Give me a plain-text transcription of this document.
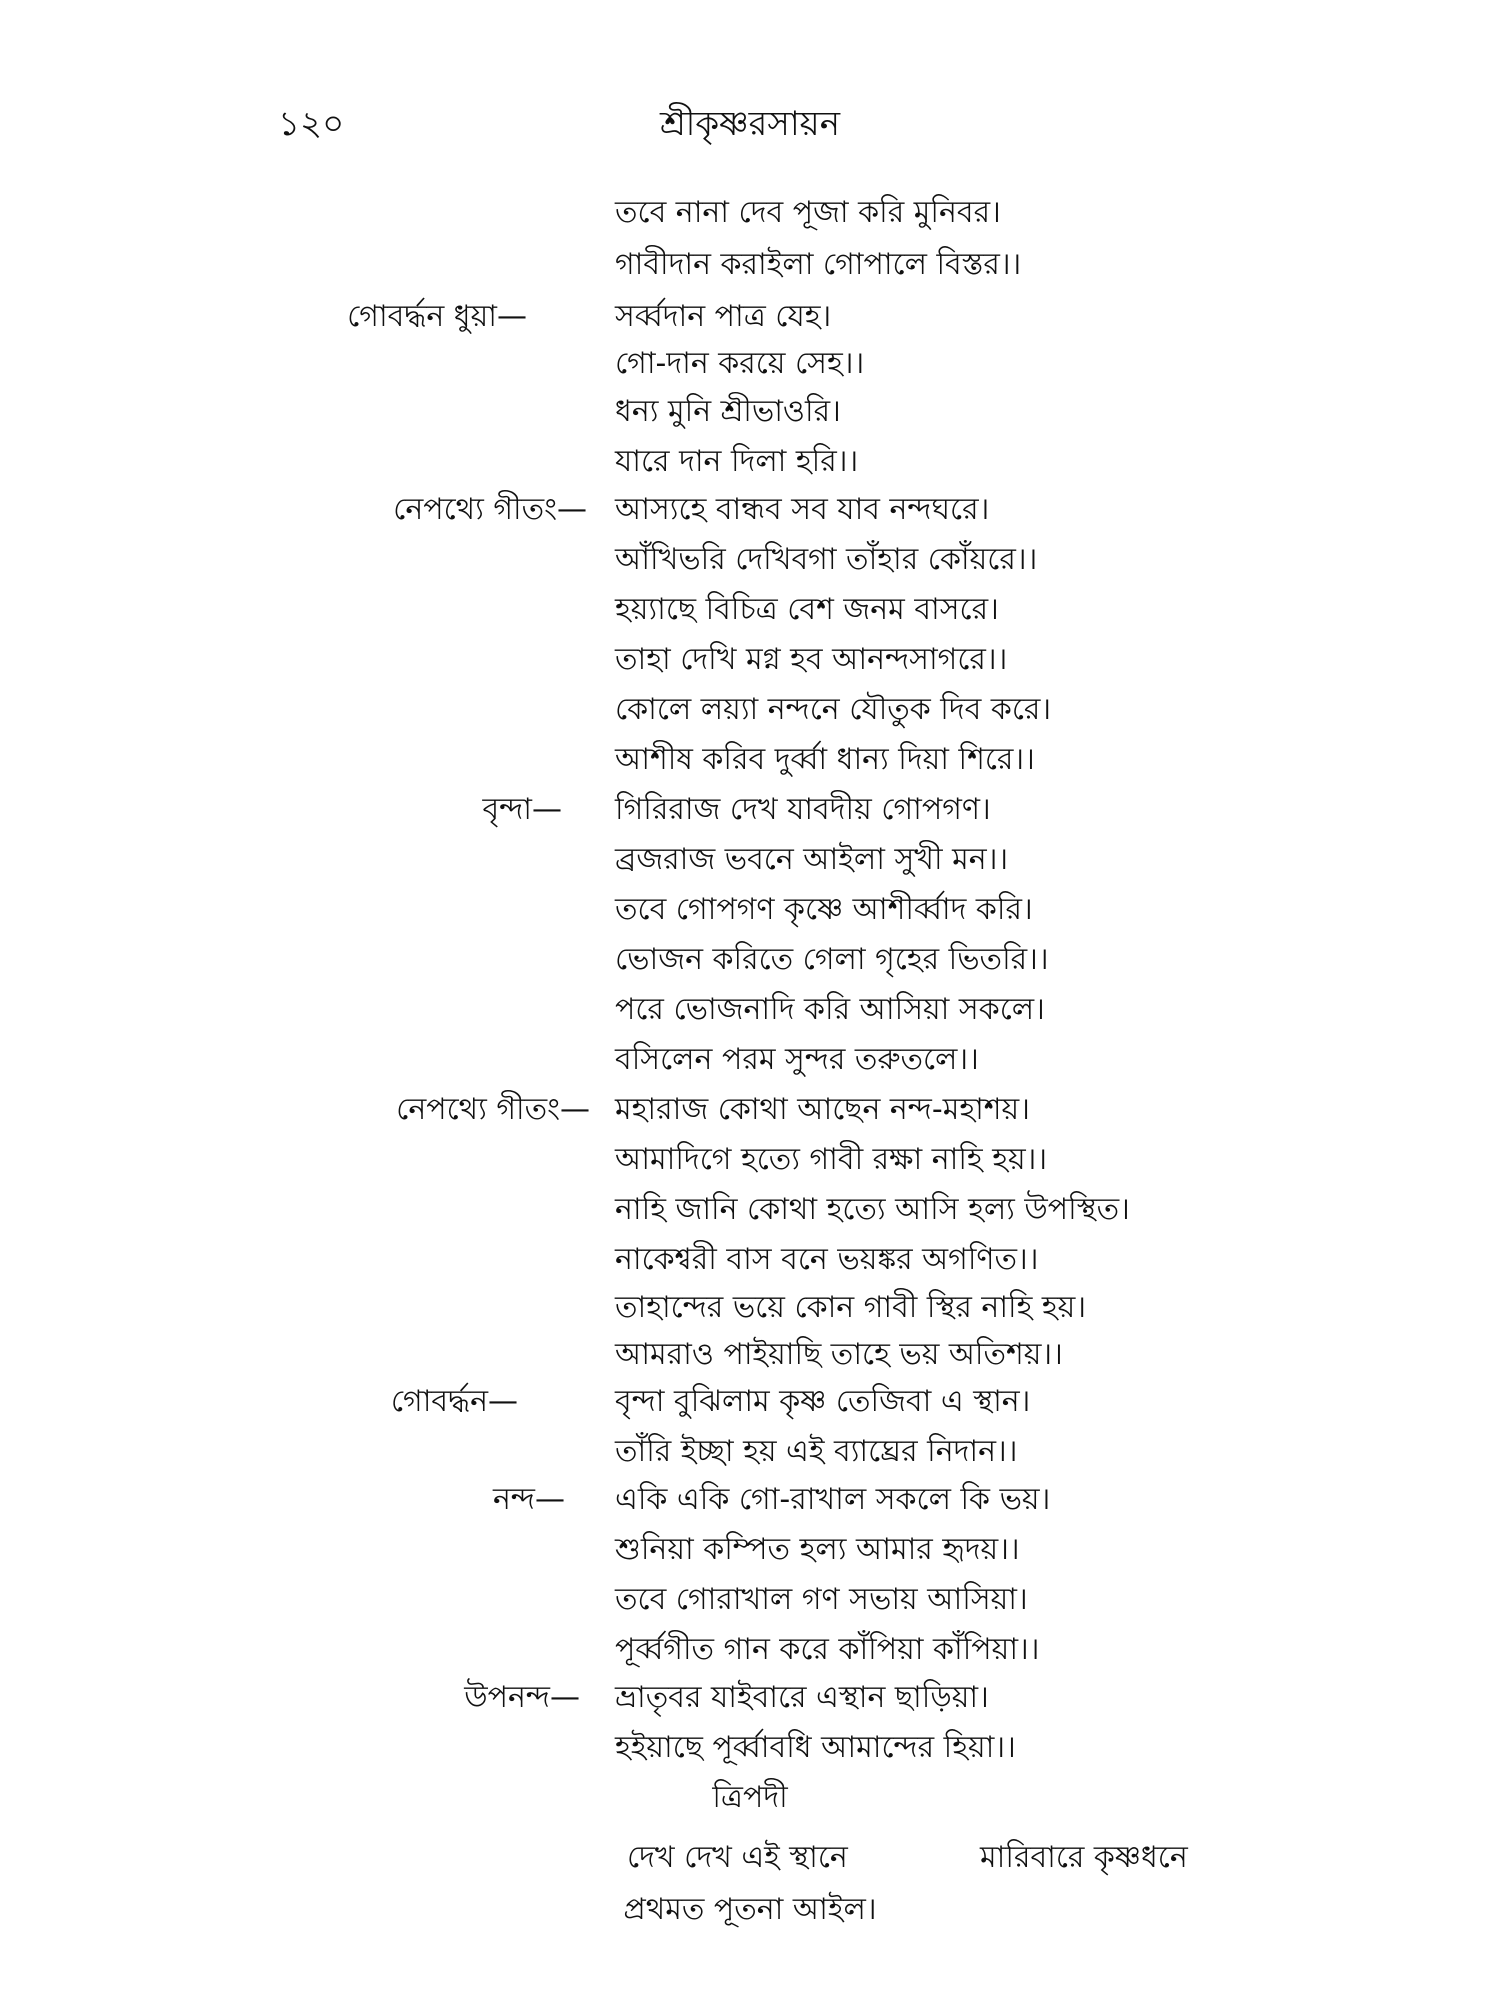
১২০	শ্রীকৃষ্ণরসায়ন
গোবর্দ্ধন ধুয়া—
নেপথ্যে গীতং—
বৃন্দা—
নেপথ্যে গীতং—
গোবর্দ্ধন—
নন্দ—
উপনন্দ—
তবে নানা দেব পূজা করি মুনিবর।
গাবীদান করাইলা গোপালে বিস্তর।।
সর্ব্বদান পাত্র যেহ।
গো-দান করয়ে সেহ।।
ধন্য মুনি শ্রীভাওরি।
যারে দান দিলা হরি।।
আস্যহে বান্ধব সব যাব নন্দঘরে।
আঁখিভরি দেখিবগা তাঁহার কোঁয়রে।।
হয়্যাছে বিচিত্র বেশ জনম বাসরে।
তাহা দেখি মগ্ন হব আনন্দসাগরে।।
কোলে লয়্যা নন্দনে যৌতুক দিব করে।
আশীষ করিব দুর্ব্বা ধান্য দিয়া শিরে।।
গিরিরাজ দেখ যাবদীয় গোপগণ।
ব্রজরাজ ভবনে আইলা সুখী মন।।
তবে গোপগণ কৃষ্ণে আশীর্ব্বাদ করি।
ভোজন করিতে গেলা গৃহের ভিতরি।।
পরে ভোজনাদি করি আসিয়া সকলে।
বসিলেন পরম সুন্দর তরুতলে।।
মহারাজ কোথা আছেন নন্দ-মহাশয়।
আমাদিগে হত্যে গাবী রক্ষা নাহি হয়।।
নাহি জানি কোথা হত্যে আসি হল্য উপস্থিত।
নাকেশ্বরী বাস বনে ভয়ঙ্কর অগণিত।।
তাহান্দের ভয়ে কোন গাবী স্থির নাহি হয়।
আমরাও পাইয়াছি তাহে ভয় অতিশয়।।
বৃন্দা বুঝিলাম কৃষ্ণ তেজিবা এ স্থান।
তাঁরি ইচ্ছা হয় এই ব্যাঘ্রের নিদান।।
একি একি গো-রাখাল সকলে কি ভয়।
শুনিয়া কম্পিত হল্য আমার হৃদয়।।
তবে গোরাখাল গণ সভায় আসিয়া।
পূর্ব্বগীত গান করে কাঁপিয়া কাঁপিয়া।।
ভ্রাতৃবর যাইবারে এস্থান ছাড়িয়া।
হইয়াছে পূর্ব্বাবধি আমান্দের হিয়া।।
ত্রিপদী
দেখ দেখ এই স্থানে	মারিবারে কৃষ্ণধনে
প্রথমত পূতনা আইল।
